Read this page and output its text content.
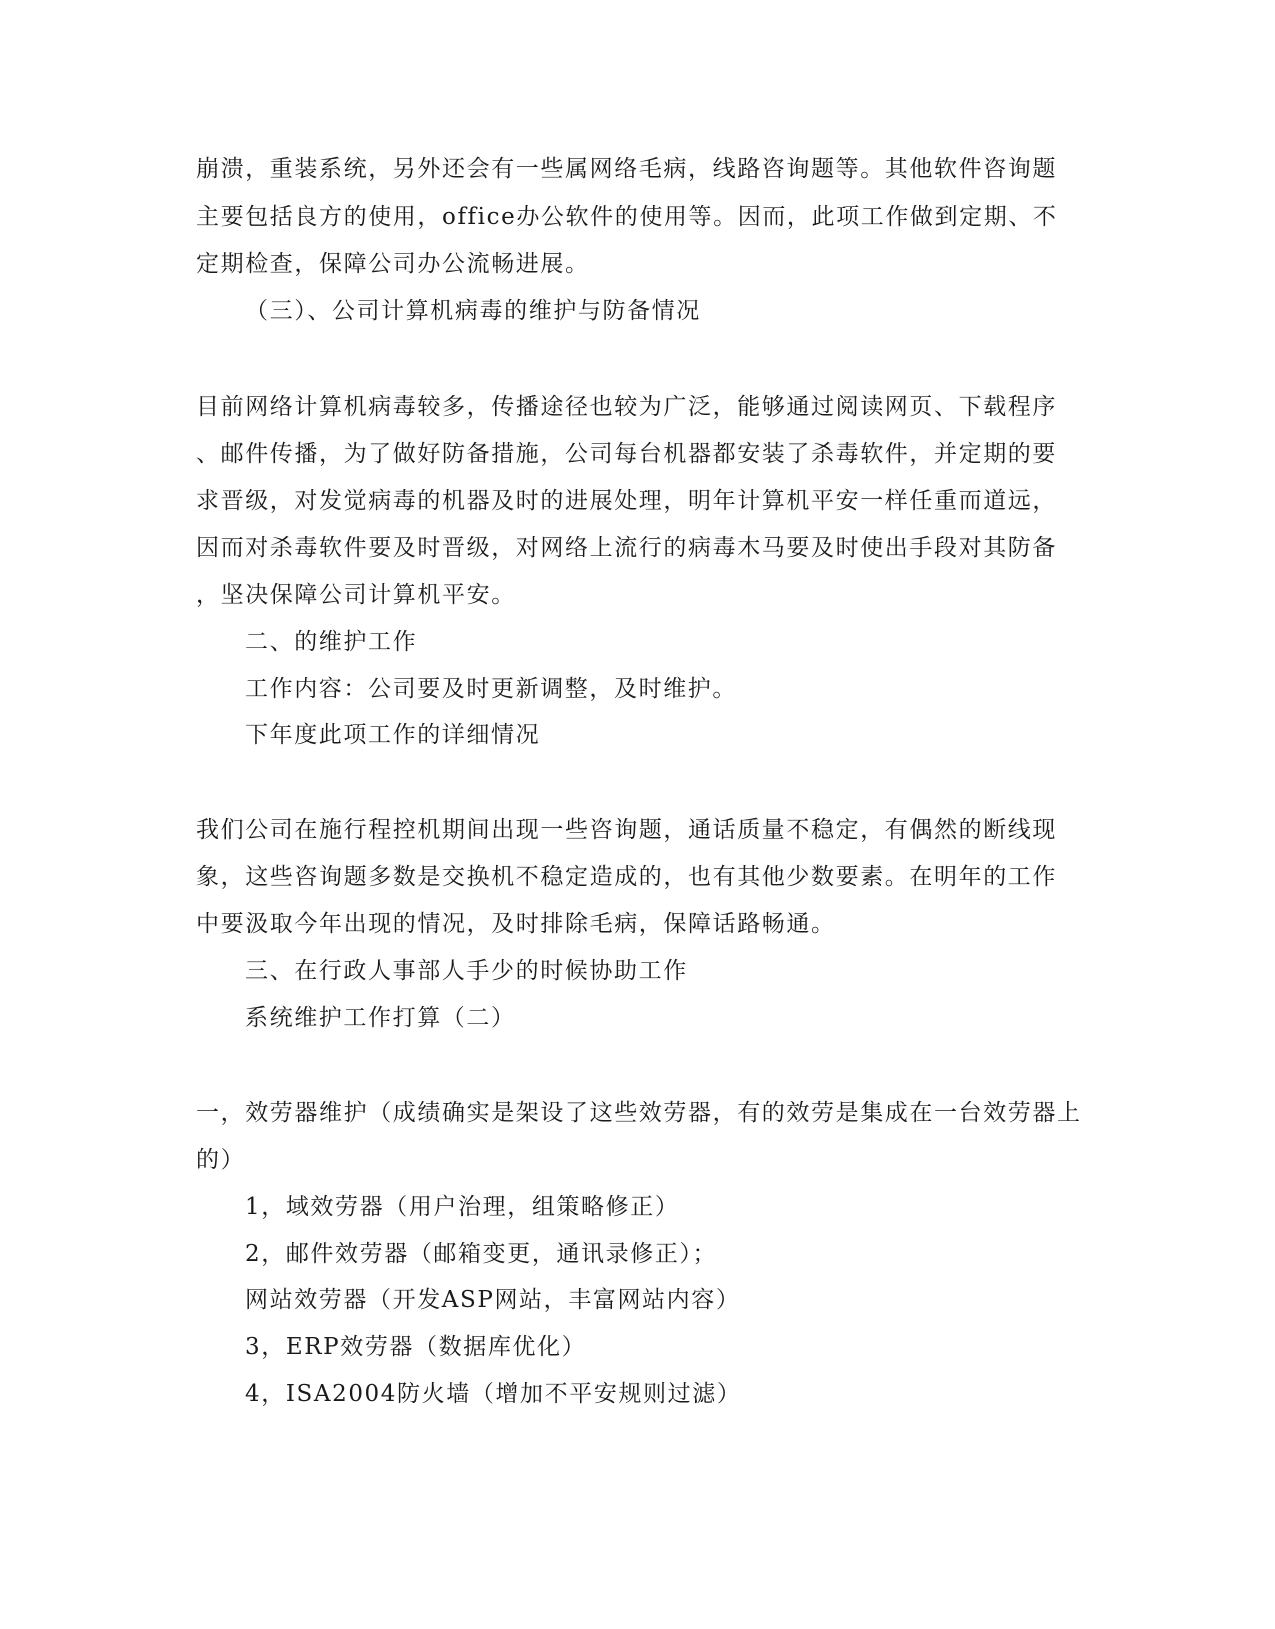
崩溃，重装系统，另外还会有一些属网络毛病，线路咨询题等。其他软件咨询题
主要包括良方的使用，office办公软件的使用等。因而，此项工作做到定期、不
定期检查，保障公司办公流畅进展。
（三）、公司计算机病毒的维护与防备情况
目前网络计算机病毒较多，传播途径也较为广泛，能够通过阅读网页、下载程序
、邮件传播，为了做好防备措施，公司每台机器都安装了杀毒软件，并定期的要
求晋级，对发觉病毒的机器及时的进展处理，明年计算机平安一样任重而道远，
因而对杀毒软件要及时晋级，对网络上流行的病毒木马要及时使出手段对其防备
，坚决保障公司计算机平安。
二、的维护工作
工作内容：公司要及时更新调整，及时维护。
下年度此项工作的详细情况
我们公司在施行程控机期间出现一些咨询题，通话质量不稳定，有偶然的断线现
象，这些咨询题多数是交换机不稳定造成的，也有其他少数要素。在明年的工作
中要汲取今年出现的情况，及时排除毛病，保障话路畅通。
三、在行政人事部人手少的时候协助工作
系统维护工作打算（二）
一，效劳器维护（成绩确实是架设了这些效劳器，有的效劳是集成在一台效劳器上
的）
1，域效劳器（用户治理，组策略修正）
2，邮件效劳器（邮箱变更，通讯录修正）；
网站效劳器（开发ASP网站，丰富网站内容）
3，ERP效劳器（数据库优化）
4，ISA2004防火墙（增加不平安规则过滤）
